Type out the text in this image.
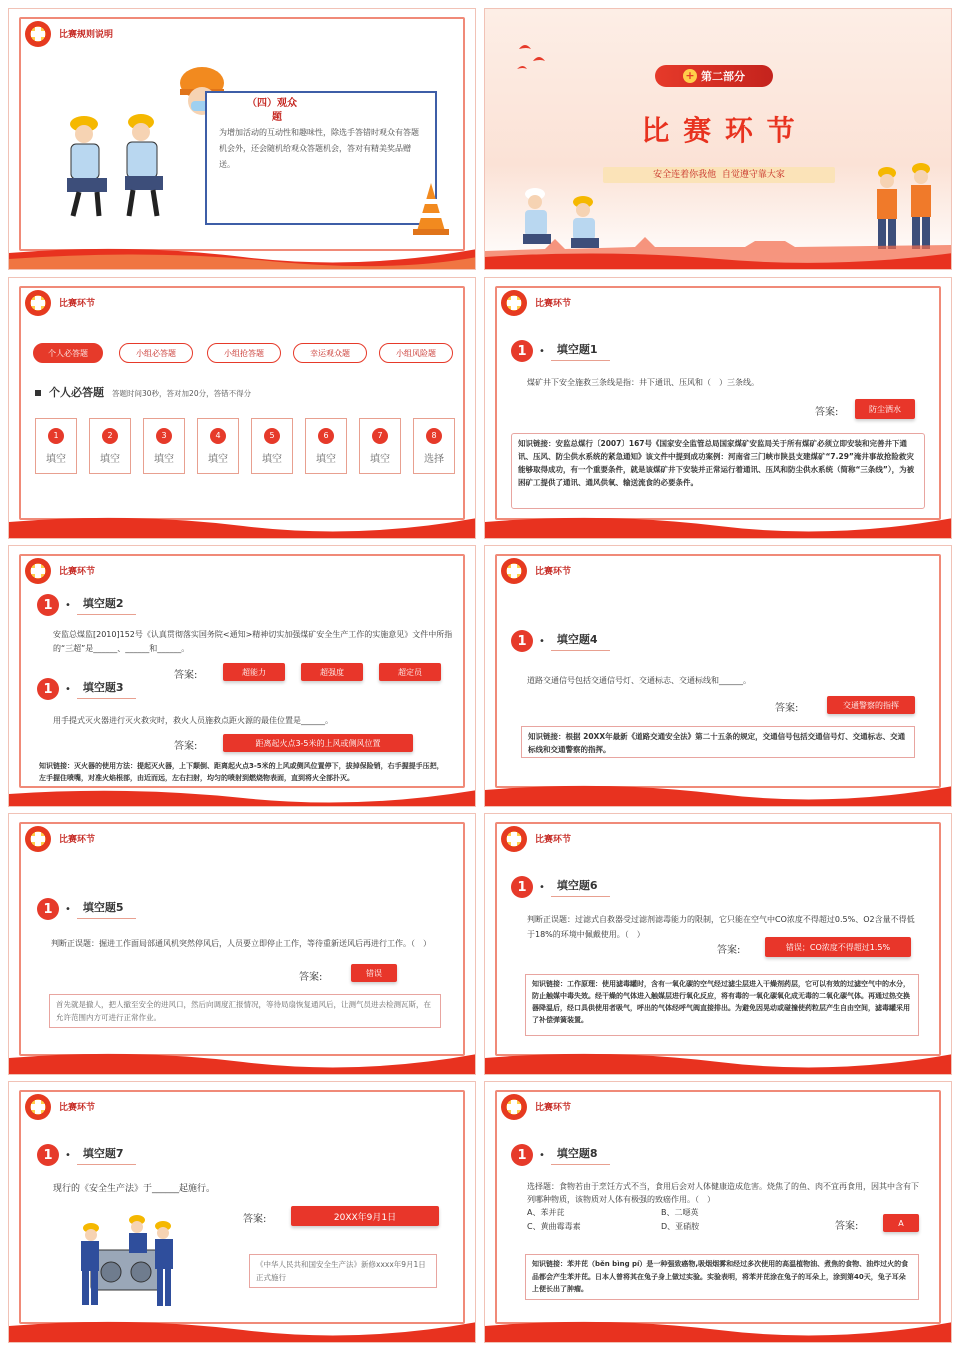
比赛规则说明
（四）观众
题
为增加活动的互动性和趣味性，除选手答错时观众有答题机会外，还会随机给观众答题机会，答对有精美奖品赠送。
+ 第二部分
比 赛 环 节
安全连着你我他  自觉遵守靠大家
比赛环节
个人必答题	小组必答题	小组抢答题	幸运观众题	小组风险题
个人必答题 答题时间30秒，答对加20分，答错不得分
1
填空
2
填空
3
填空
4
填空
5
填空
6
填空
7
填空
8
选择
比赛环节
1	•	填空题1
煤矿井下安全施救三条线是指：井下通讯、压风和（　）三条线。
答案:	防尘洒水
知识链接：安监总煤行〔2007〕167号《国家安全监管总局国家煤矿安监局关于所有煤矿必须立即安装和完善井下通讯、压风、防尘供水系统的紧急通知》该文件中提到成功案例：河南省三门峡市陕县支建煤矿“7.29”淹井事故抢险救灾能够取得成功，有一个重要条件，就是该煤矿井下安装并正常运行着通讯、压风和防尘供水系统（简称“三条线”），为被困矿工提供了通讯、通风供氧、输送流食的必要条件。
比赛环节
1	•	填空题2
安监总煤监[2010]152号《认真贯彻落实国务院<通知>精神切实加强煤矿安全生产工作的实施意见》文件中所指的“三超”是______、______和______。
答案:	超能力	超强度	超定员
1	•	填空题3
用手提式灭火器进行灭火救灾时，救火人员施救点距火源的最佳位置是______。
答案:	距离起火点3-5米的上风或侧风位置
知识链接：灭火器的使用方法：提起灭火器，上下颠倒、距离起火点3-5米的上风或侧风位置停下，拔掉保险销，右手握提手压把，左手握住喷嘴，对准火焰根部，由近而远，左右扫射，均匀的喷射到燃烧物表面，直到将火全部扑灭。
比赛环节
1	•	填空题4
道路交通信号包括交通信号灯、交通标志、交通标线和______。
答案:	交通警察的指挥
知识链接：根据 20XX年最新《道路交通安全法》第二十五条的规定，交通信号包括交通信号灯、交通标志、交通标线和交通警察的指挥。
比赛环节
1	•	填空题5
判断正误题：掘进工作面局部通风机突然停风后，人员要立即停止工作，等待重新送风后再进行工作。（　）
答案:	错误
首先就是撤人，把人撤至安全的进风口，然后向调度汇报情况，等待局扇恢复通风后，让测气员进去检测瓦斯，在允许范围内方可进行正常作业。
比赛环节
1	•	填空题6
判断正误题：过滤式自救器受过滤剂滤毒能力的限制，它只能在空气中CO浓度不得超过0.5%、O2含量不得低于18%的环境中佩戴使用。（　）
答案:	错误；CO浓度不得超过1.5%
知识链接：工作原理：使用滤毒罐时，含有一氧化碳的空气经过滤尘层进入干燥剂药层，它可以有效的过滤空气中的水分，防止触媒中毒失效。经干燥的气体进入触媒层进行氧化反应，将有毒的一氧化碳氧化成无毒的二氧化碳气体。再通过热交换器降温后，经口具供使用者吸气，呼出的气体经呼气阀直接排出。为避免因晃动或碰撞使药粒层产生自由空间，滤毒罐采用了补偿弹簧装置。
比赛环节
1	•	填空题7
现行的《安全生产法》于______起施行。
答案:	20XX年9月1日
《中华人民共和国安全生产法》新修xxxx年9月1日正式施行
比赛环节
1	•	填空题8
选择题：食物若由于烹饪方式不当，食用后会对人体健康造成危害。烧焦了的鱼、肉不宜再食用，因其中含有下列哪种物质，该物质对人体有极强的致癌作用。（　）
A、苯并芘	B、二噁英
C、黄曲霉毒素	D、亚硝胺	答案:	A
知识链接：苯并芘（běn bìng pí）是一种强致癌物,吸烟烟雾和经过多次使用的高温植物油、煮焦的食物、油炸过火的食品都会产生苯并芘。日本人曾将其在兔子身上做过实验。实验表明，将苯并芘涂在兔子的耳朵上，涂到第40天，兔子耳朵上便长出了肿瘤。
